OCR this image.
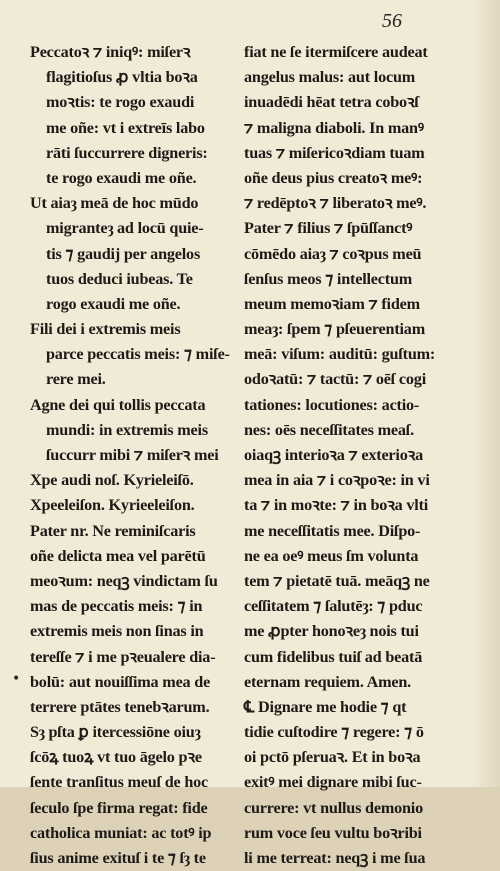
56
•
Peccatoꝛ ⁊ iniqꝰ: miſerꝛ
flagitioſus ꝓ vltia boꝛa
moꝛtis: te rogo exaudi
me oñe: vt i extreīs labo
rāti ſuccurrere digneris:
te rogo exaudi me oñe.
Ut aiaȝ meā de hoc mūdo
migranteȝ ad locū quie-
tis ⁊ gaudij per angelos
tuos deduci iubeas. Te
rogo exaudi me oñe.
Fili dei i extremis meis
parce peccatis meis: ⁊ miſe-
rere mei.
Agne dei qui tollis peccata
mundi: in extremis meis
ſuccurr mibi ⁊ miſerꝛ mei
Xpe audi noſ. Kyrieleiſō.
Xpeeleiſon. Kyrieeleiſon.
Pater nr. Ne reminiſcaris
oñe delicta mea vel parētū
meoꝛum: neqꝫ vindictam ſu
mas de peccatis meis: ⁊ in
extremis meis non ſinas in
tereſſe ⁊ i me pꝛeualere dia-
bolū: aut nouiſſima mea de
terrere ptātes tenebꝛarum.
Sȝ pſta ꝑ itercessiōne oiuȝ
ſcōꝝ tuoꝝ vt tuo āgelo pꝛe
ſente tranſitus meuſ de hoc
ſeculo ſpe firma regat: fide
catholica muniat: ac totꝰ ip
ſius anime exituſ i te ⁊ ſȝ te
fiat ne ſe itermiſcere audeat
angelus malus: aut locum
inuadēdi hēat tetra coboꝛſ
⁊ maligna diaboli. In manꝰ
tuas ⁊ miſericoꝛdiam tuam
oñe deus pius creatoꝛ meꝰ:
⁊ redēptoꝛ ⁊ liberatoꝛ meꝰ.
Pater ⁊ filius ⁊ ſpūſſanctꝰ
cōmēdo aiaȝ ⁊ coꝛpus meū
ſenſus meos ⁊ intellectum
meum memoꝛiam ⁊ fidem
meaȝ: ſpem ⁊ pſeuerentiam
meā: viſum: auditū: guſtum:
odoꝛatū: ⁊ tactū: ⁊ oēſ cogi
tationes: locutiones: actio-
nes: oēs neceſſitates meaſ.
oiaqꝫ interioꝛa ⁊ exterioꝛa
mea in aia ⁊ i coꝛpoꝛe: in vi
ta ⁊ in moꝛte: ⁊ in boꝛa vlti
me neceſſitatis mee. Diſpo-
ne ea oeꝰ meus ſm volunta
tem ⁊ pietatē tuā. meāqꝫ ne
ceſſitatem ⁊ ſalutēȝ: ⁊ pduc
me ꝓpter honoꝛeȝ nois tui
cum fidelibus tuiſ ad beatā
eternam requiem. Amen.
℄ Dignare me hodie ⁊ qt
tidie cuſtodire ⁊ regere: ⁊ ō
oi pctō pſeruaꝛ. Et in boꝛa
exitꝰ mei dignare mibi ſuc-
currere: vt nullus demonio
rum voce ſeu vultu boꝛribi
li me terreat: neqꝫ i me ſua
